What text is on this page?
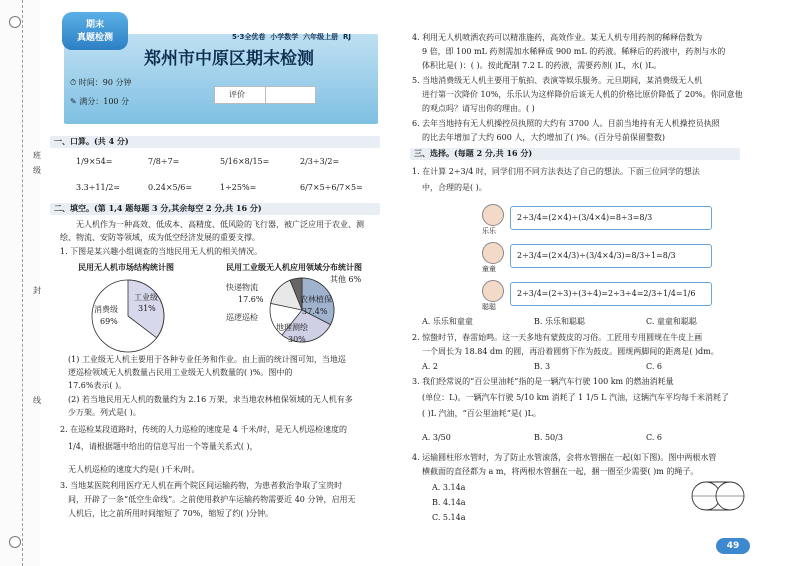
班
级
封
线
期末
真题检测
郑州市中原区期末检测
⏱ 时间：90 分钟
✎ 满分：100 分
评价
5·3全优卷 小学数学 六年级上册 RJ
一、口算。(共 4 分)
1/9×54=	7/8÷7=	5/16×8/15=	2/3÷3/2=
3.3÷11/2=	0.24×5/6=	1÷25%=	6/7×5÷6/7×5=
二、填空。(第 1,4 题每题 3 分,其余每空 2 分,共 16 分)
无人机作为一种高效、低成本、高精度、低风险的飞行器，被广泛应用于农业、测
绘、物流、安防等领域，成为低空经济发展的重要支撑。
1. 下图是某兴趣小组调查的当地民用无人机的相关情况。
民用无人机市场结构统计图
工业级
31%
消费级
69%
民用工业级无人机应用领域分布统计图
快递物流
17.6%	农林植保
37.4%
巡逻巡检
地理测绘
30%
其他 6%
(1) 工业级无人机主要用于各种专业任务和作业。由上面的统计图可知，当地巡
逻巡检领域无人机数量占民用工业级无人机数量的( )%。图中的
17.6%表示( )。
(2) 若当地民用无人机的数量约为 2.16 万架，求当地农林植保领域的无人机有多
少万架。列式是( )。
2. 在巡检某段道路时，传统的人力巡检的速度是 4 千米/时，是无人机巡检速度的
1/4，请根据题中给出的信息写出一个等量关系式( )，
无人机巡检的速度大约是( )千米/时。
3. 当地某医院利用医疗无人机在两个院区间运输药物，为患者救治争取了宝贵时
间，开辟了一条“低空生命线”。之前使用救护车运输药物需要近 40 分钟，启用无
人机后，比之前所用时间缩短了 70%，缩短了约( )分钟。
4. 利用无人机喷洒农药可以精准施药，高效作业。某无人机专用药剂的稀释倍数为
9 倍，即 100 mL 药剂需加水稀释成 900 mL 的药液。稀释后的药液中，药剂与水的
体积比是( )：( )。按此配制 7.2 L 的药液，需要药剂( )L，水( )L。
5. 当地消费级无人机主要用于航拍、表演等娱乐服务。元旦期间，某消费级无人机
进行第一次降价 10%，乐乐认为这样降价后该无人机的价格比原价降低了 20%。你同意他
的观点吗？请写出你的理由。( )
6. 去年当地持有无人机操控员执照的大约有 3700 人。目前当地持有无人机操控员执照
的比去年增加了大约 600 人，大约增加了( )%。(百分号前保留整数)
三、选择。(每题 2 分,共 16 分)
1. 在计算 2÷3/4 时，同学们用不同方法表达了自己的想法。下面三位同学的想法
中，合理的是( )。
乐乐
2÷3/4=(2×4)÷(3/4×4)=8÷3=8/3
童童
2÷3/4=(2×4/3)÷(3/4×4/3)=8/3÷1=8/3
聪聪
2÷3/4=(2÷3)÷(3÷4)=2÷3÷4=2/3÷1/4=1/6
A. 乐乐和童童	B. 乐乐和聪聪	C. 童童和聪聪
2. 惊蛰时节，春雷始鸣。这一天多地有蒙鼓皮的习俗。工匠用专用圆规在牛皮上画
一个周长为 18.84 dm 的圆，再沿着圆剪下作为鼓皮。圆规两脚间的距离是( )dm。
A. 2	B. 3	C. 6
3. 我们经常说的“百公里油耗”指的是一辆汽车行驶 100 km 的燃油消耗量
(单位：L)。一辆汽车行驶 5/10 km 消耗了 1 1/5 L 汽油，这辆汽车平均每千米消耗了
( )L 汽油，“百公里油耗”是( )L。
A. 3/50	B. 50/3	C. 6
4. 运输圆柱形水管时，为了防止水管滚落，会将水管捆在一起(如下图)。图中两根水管
横截面的直径都为 a m，将两根水管捆在一起，捆一圈至少需要( )m 的绳子。
A. 3.14a
B. 4.14a
C. 5.14a
49
